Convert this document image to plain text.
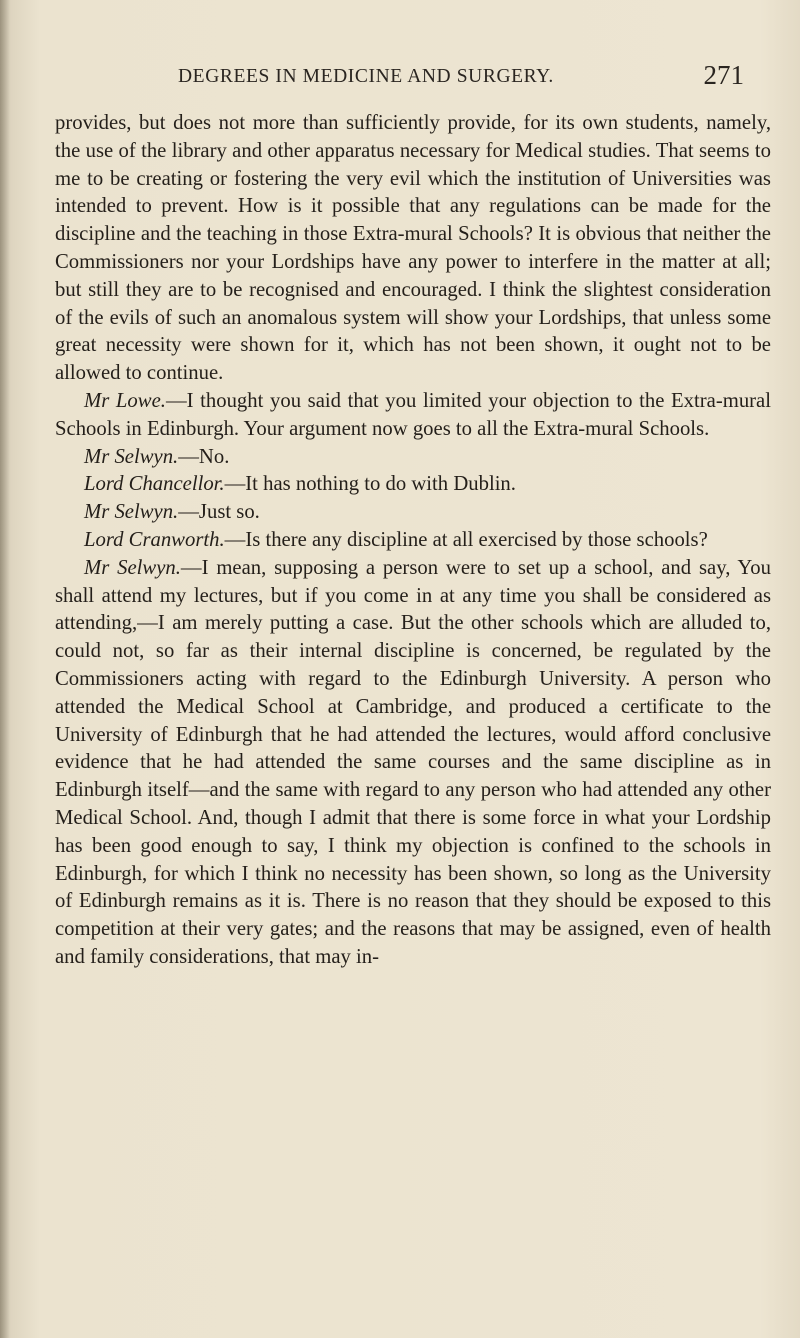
DEGREES IN MEDICINE AND SURGERY.	271

provides, but does not more than sufficiently provide, for its own students, namely, the use of the library and other apparatus necessary for Medical studies. That seems to me to be creating or fostering the very evil which the institution of Universities was intended to prevent. How is it possible that any regulations can be made for the discipline and the teaching in those Extra-mural Schools? It is obvious that neither the Commissioners nor your Lordships have any power to interfere in the matter at all; but still they are to be recognised and encouraged. I think the slightest consideration of the evils of such an anomalous system will show your Lordships, that unless some great necessity were shown for it, which has not been shown, it ought not to be allowed to continue.

Mr Lowe.—I thought you said that you limited your objection to the Extra-mural Schools in Edinburgh. Your argument now goes to all the Extra-mural Schools.

Mr Selwyn.—No.

Lord Chancellor.—It has nothing to do with Dublin.

Mr Selwyn.—Just so.

Lord Cranworth.—Is there any discipline at all exercised by those schools?

Mr Selwyn.—I mean, supposing a person were to set up a school, and say, You shall attend my lectures, but if you come in at any time you shall be considered as attending,—I am merely putting a case. But the other schools which are alluded to, could not, so far as their internal discipline is concerned, be regulated by the Commissioners acting with regard to the Edinburgh University. A person who attended the Medical School at Cambridge, and produced a certificate to the University of Edinburgh that he had attended the lectures, would afford conclusive evidence that he had attended the same courses and the same discipline as in Edinburgh itself—and the same with regard to any person who had attended any other Medical School. And, though I admit that there is some force in what your Lordship has been good enough to say, I think my objection is confined to the schools in Edinburgh, for which I think no necessity has been shown, so long as the University of Edinburgh remains as it is. There is no reason that they should be exposed to this competition at their very gates; and the reasons that may be assigned, even of health and family considerations, that may in-
